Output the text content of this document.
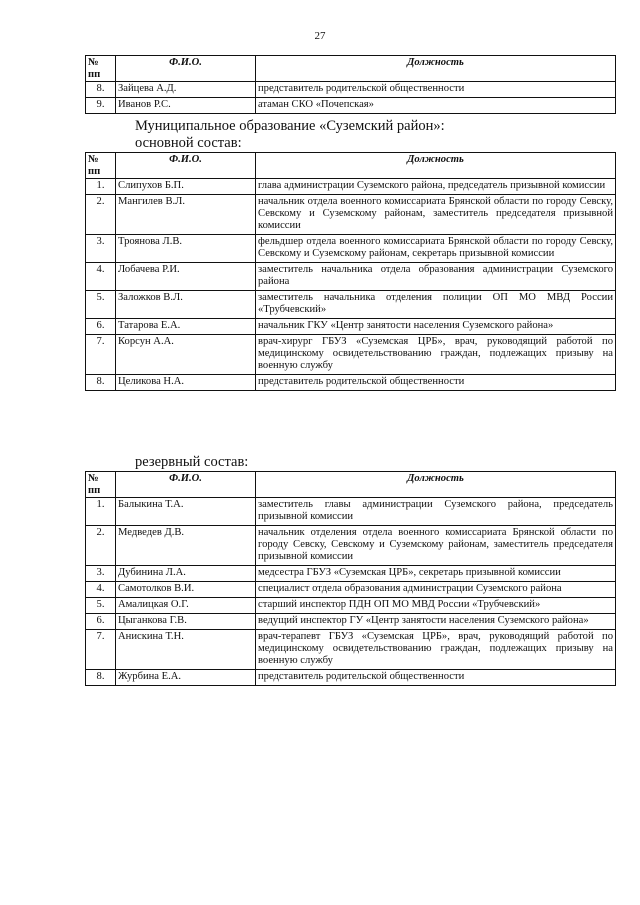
27
№ пп	Ф.И.О.	Должность
8.	Зайцева А.Д.	представитель родительской общественности
9.	Иванов Р.С.	атаман СКО «Почепская»
Муниципальное образование «Суземский район»:
основной состав:
№ пп	Ф.И.О.	Должность
1.	Слипухов Б.П.	глава администрации Суземского района, председатель призывной комиссии
2.	Мангилев В.Л.	начальник отдела военного комиссариата Брянской области по городу Севску, Севскому и Суземскому районам, заместитель председателя призывной комиссии
3.	Троянова Л.В.	фельдшер отдела военного комиссариата Брянской области по городу Севску, Севскому и Суземскому районам, секретарь призывной комиссии
4.	Лобачева Р.И.	заместитель начальника отдела образования администрации Суземского района
5.	Заложков В.Л.	заместитель начальника отделения полиции ОП МО МВД России «Трубчевский»
6.	Татарова Е.А.	начальник ГКУ «Центр занятости населения Суземского района»
7.	Корсун А.А.	врач-хирург ГБУЗ «Суземская ЦРБ», врач, руководящий работой по медицинскому освидетельствованию граждан, подлежащих призыву на военную службу
8.	Целикова Н.А.	представитель родительской общественности
резервный состав:
№ пп	Ф.И.О.	Должность
1.	Балыкина Т.А.	заместитель главы администрации Суземского района, председатель призывной комиссии
2.	Медведев Д.В.	начальник отделения отдела военного комиссариата Брянской области по городу Севску, Севскому и Суземскому районам, заместитель председателя призывной комиссии
3.	Дубинина Л.А.	медсестра ГБУЗ «Суземская ЦРБ», секретарь призывной комиссии
4.	Самотолков В.И.	специалист отдела образования администрации Суземского района
5.	Амалицкая О.Г.	старший инспектор ПДН ОП МО МВД России «Трубчевский»
6.	Цыганкова Г.В.	ведущий инспектор ГУ «Центр занятости населения Суземского района»
7.	Анискина Т.Н.	врач-терапевт ГБУЗ «Суземская ЦРБ», врач, руководящий работой по медицинскому освидетельствованию граждан, подлежащих призыву на военную службу
8.	Журбина Е.А.	представитель родительской общественности
